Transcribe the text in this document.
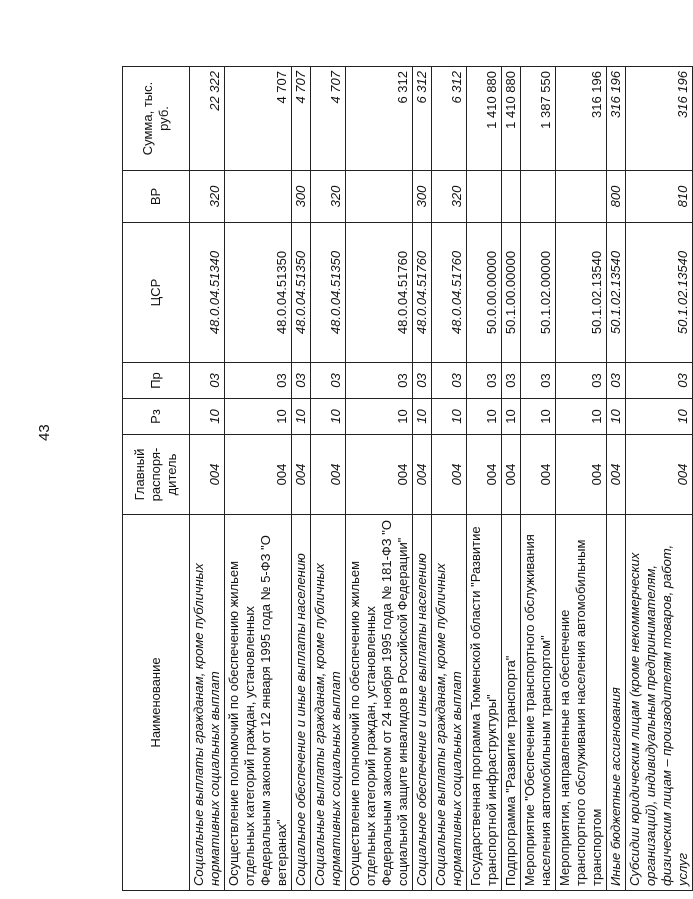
43
Наименование	Главный распоря-дитель	Рз	Пр	ЦСР	ВР	Сумма, тыс. руб.
Социальные выплаты гражданам, кроме публичных нормативных социальных выплат	004	10	03	48.0.04.51340	320	22 322
Осуществление полномочий по обеспечению жильем отдельных категорий граждан, установленных Федеральным законом от 12 января 1995 года № 5-ФЗ "О ветеранах"	004	10	03	48.0.04.51350		4 707
Социальное обеспечение и иные выплаты населению	004	10	03	48.0.04.51350	300	4 707
Социальные выплаты гражданам, кроме публичных нормативных социальных выплат	004	10	03	48.0.04.51350	320	4 707
Осуществление полномочий по обеспечению жильем отдельных категорий граждан, установленных Федеральным законом от 24 ноября 1995 года № 181-ФЗ "О социальной защите инвалидов в Российской Федерации"	004	10	03	48.0.04.51760		6 312
Социальное обеспечение и иные выплаты населению	004	10	03	48.0.04.51760	300	6 312
Социальные выплаты гражданам, кроме публичных нормативных социальных выплат	004	10	03	48.0.04.51760	320	6 312
Государственная программа Тюменской области "Развитие транспортной инфраструктуры"	004	10	03	50.0.00.00000		1 410 880
Подпрограмма "Развитие транспорта"	004	10	03	50.1.00.00000		1 410 880
Мероприятие "Обеспечение транспортного обслуживания населения автомобильным транспортом"	004	10	03	50.1.02.00000		1 387 550
Мероприятия, направленные на обеспечение транспортного обслуживания населения автомобильным транспортом	004	10	03	50.1.02.13540		316 196
Иные бюджетные ассигнования	004	10	03	50.1.02.13540	800	316 196
Субсидии юридическим лицам (кроме некоммерческих организаций), индивидуальным предпринимателям, физическим лицам – производителям товаров, работ, услуг	004	10	03	50.1.02.13540	810	316 196
